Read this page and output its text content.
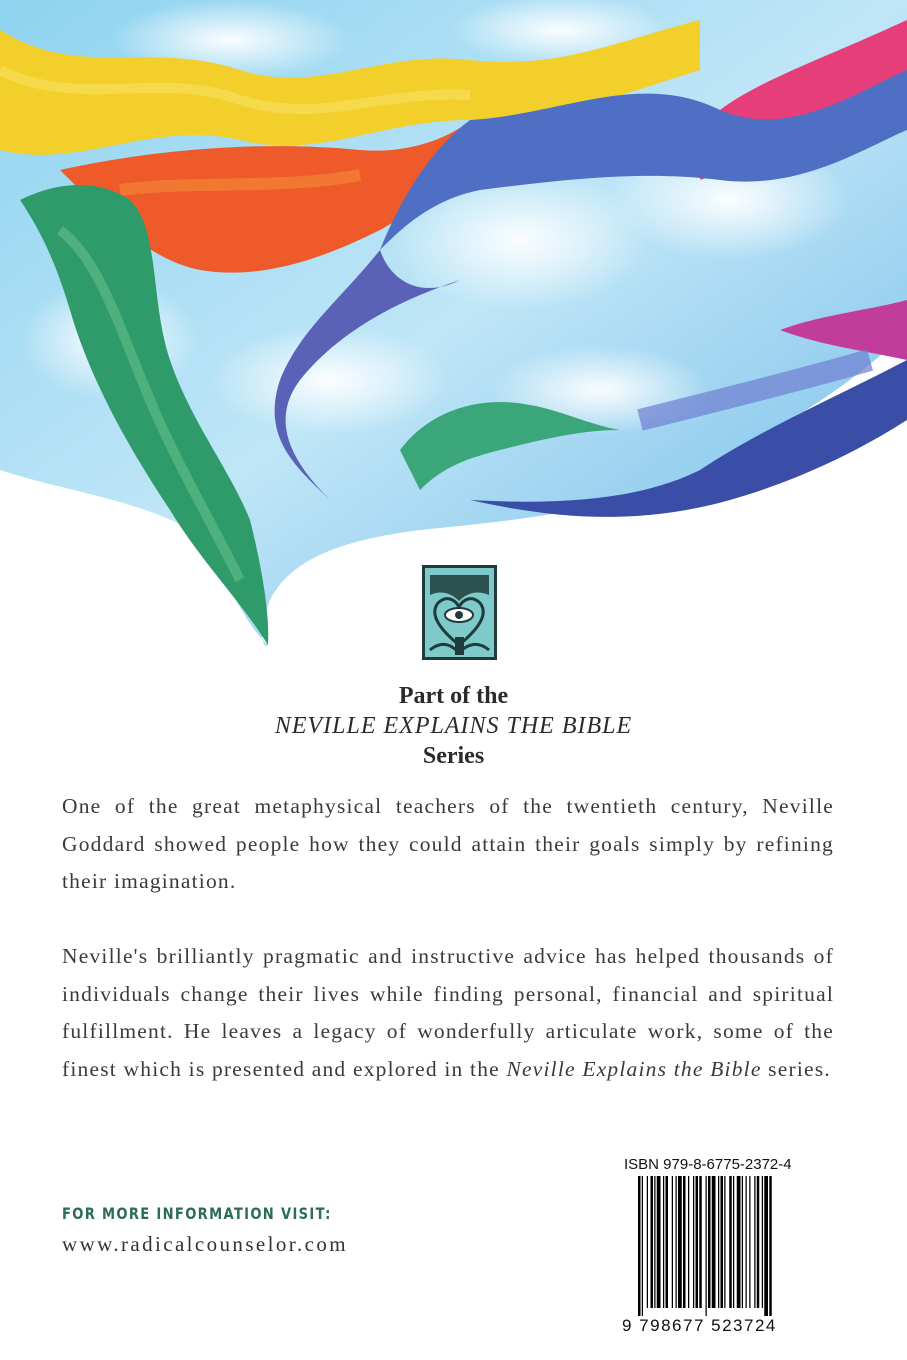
Part of the
NEVILLE EXPLAINS THE BIBLE
Series
One of the great metaphysical teachers of the twentieth century, Neville Goddard showed people how they could attain their goals simply by refining their imagination.
Neville's brilliantly pragmatic and instructive advice has helped thousands of individuals change their lives while finding personal, financial and spiritual fulfillment. He leaves a legacy of wonderfully articulate work, some of the finest which is presented and explored in the Neville Explains the Bible series.
FOR MORE INFORMATION VISIT:
www.radicalcounselor.com
ISBN 979-8-6775-2372-4
9 798677 523724
